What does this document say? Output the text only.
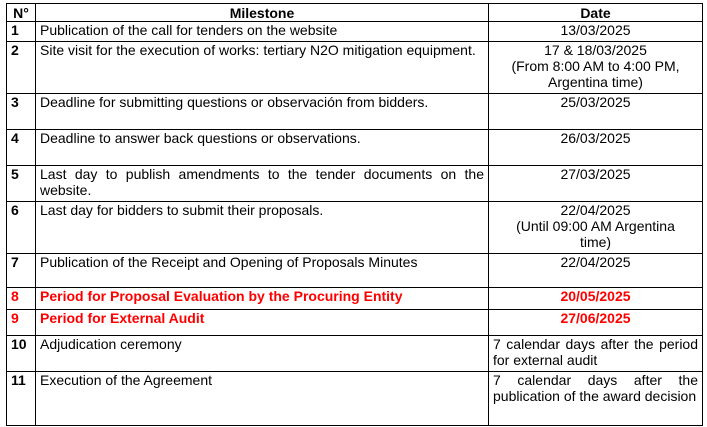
N°	Milestone	Date
1	Publication of the call for tenders on the website	13/03/2025

2	Site visit for the execution of works: tertiary N2O mitigation equipment.	17 & 18/03/2025
(From 8:00 AM to 4:00 PM,
Argentina time)

3	Deadline for submitting questions or observación from bidders.	25/03/2025

4	Deadline to answer back questions or observations.	26/03/2025

5	Last day to publish amendments to the tender documents on the website.	27/03/2025

6	Last day for bidders to submit their proposals.	22/04/2025
(Until 09:00 AM Argentina
time)

7	Publication of the Receipt and Opening of Proposals Minutes	22/04/2025

8	Period for Proposal Evaluation by the Procuring Entity	20/05/2025

9	Period for External Audit	27/06/2025

10	Adjudication ceremony	7 calendar days after the period for external audit
11	Execution of the Agreement	7 calendar days after the publication of the award decision
